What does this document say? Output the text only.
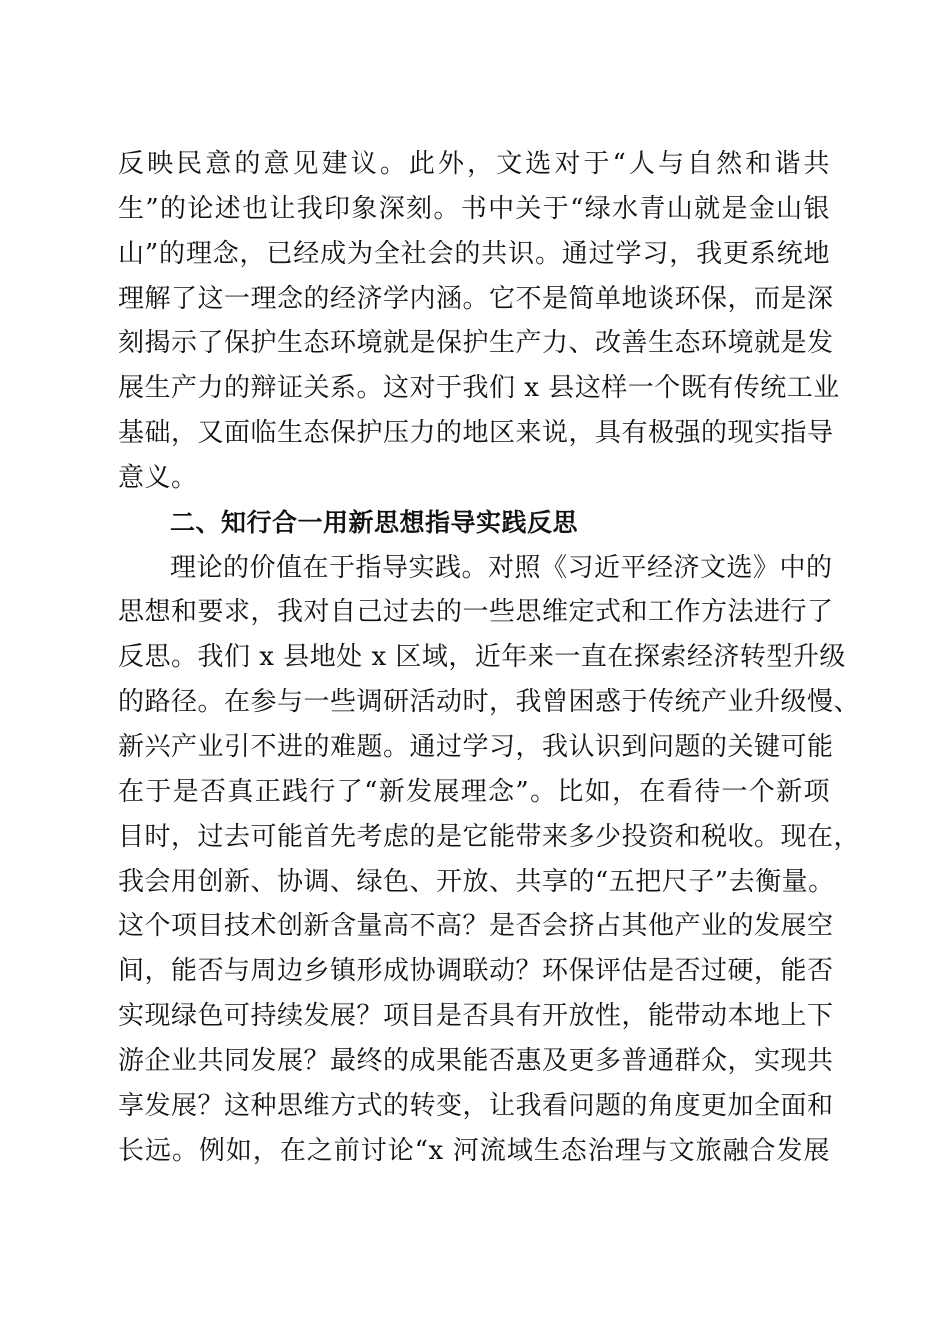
反映民意的意见建议。此外，文选对于“人与自然和谐共
生”的论述也让我印象深刻。书中关于“绿水青山就是金山银
山”的理念，已经成为全社会的共识。通过学习，我更系统地
理解了这一理念的经济学内涵。它不是简单地谈环保，而是深
刻揭示了保护生态环境就是保护生产力、改善生态环境就是发
展生产力的辩证关系。这对于我们 x 县这样一个既有传统工业
基础，又面临生态保护压力的地区来说，具有极强的现实指导
意义。
二、知行合一用新思想指导实践反思
理论的价值在于指导实践。对照《习近平经济文选》中的
思想和要求，我对自己过去的一些思维定式和工作方法进行了
反思。我们 x 县地处 x 区域，近年来一直在探索经济转型升级
的路径。在参与一些调研活动时，我曾困惑于传统产业升级慢、
新兴产业引不进的难题。通过学习，我认识到问题的关键可能
在于是否真正践行了“新发展理念”。比如，在看待一个新项
目时，过去可能首先考虑的是它能带来多少投资和税收。现在，
我会用创新、协调、绿色、开放、共享的“五把尺子”去衡量。
这个项目技术创新含量高不高？是否会挤占其他产业的发展空
间，能否与周边乡镇形成协调联动？环保评估是否过硬，能否
实现绿色可持续发展？项目是否具有开放性，能带动本地上下
游企业共同发展？最终的成果能否惠及更多普通群众，实现共
享发展？这种思维方式的转变，让我看问题的角度更加全面和
长远。例如，在之前讨论“x 河流域生态治理与文旅融合发展
